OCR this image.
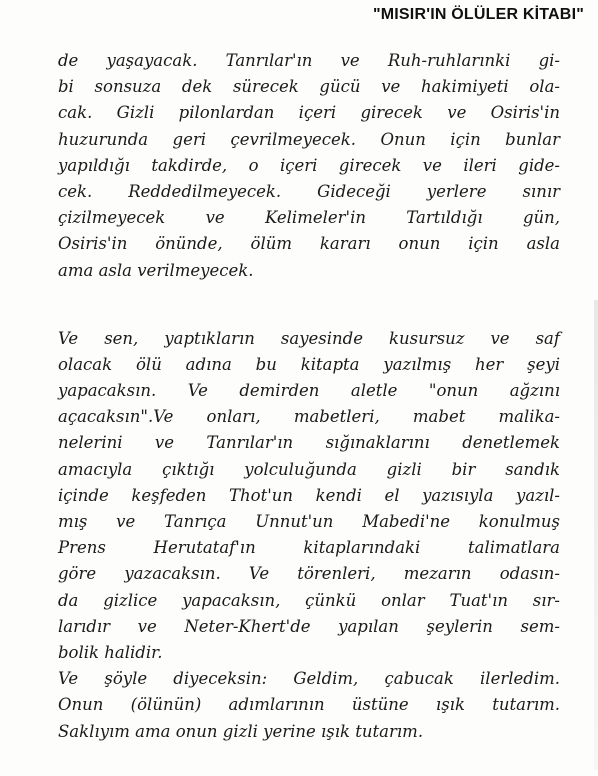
"MISIR'IN ÖLÜLER KİTABI"
de yaşayacak. Tanrılar'ın ve Ruh-ruhlarınki gi-
bi sonsuza dek sürecek gücü ve hakimiyeti ola-
cak. Gizli pilonlardan içeri girecek ve Osiris'in
huzurunda geri çevrilmeyecek. Onun için bunlar
yapıldığı takdirde, o içeri girecek ve ileri gide-
cek. Reddedilmeyecek. Gideceği yerlere sınır
çizilmeyecek ve Kelimeler'in Tartıldığı gün,
Osiris'in önünde, ölüm kararı onun için asla
ama asla verilmeyecek.
Ve sen, yaptıkların sayesinde kusursuz ve saf
olacak ölü adına bu kitapta yazılmış her şeyi
yapacaksın. Ve demirden aletle "onun ağzını
açacaksın".Ve onları, mabetleri, mabet malika-
nelerini ve Tanrılar'ın sığınaklarını denetlemek
amacıyla çıktığı yolculuğunda gizli bir sandık
içinde keşfeden Thot'un kendi el yazısıyla yazıl-
mış ve Tanrıça Unnut'un Mabedi'ne konulmuş
Prens Herutataf'ın kitaplarındaki talimatlara
göre yazacaksın. Ve törenleri, mezarın odasın-
da gizlice yapacaksın, çünkü onlar Tuat'ın sır-
larıdır ve Neter-Khert'de yapılan şeylerin sem-
bolik halidir.
Ve şöyle diyeceksin: Geldim, çabucak ilerledim.
Onun (ölünün) adımlarının üstüne ışık tutarım.
Saklıyım ama onun gizli yerine ışık tutarım.
